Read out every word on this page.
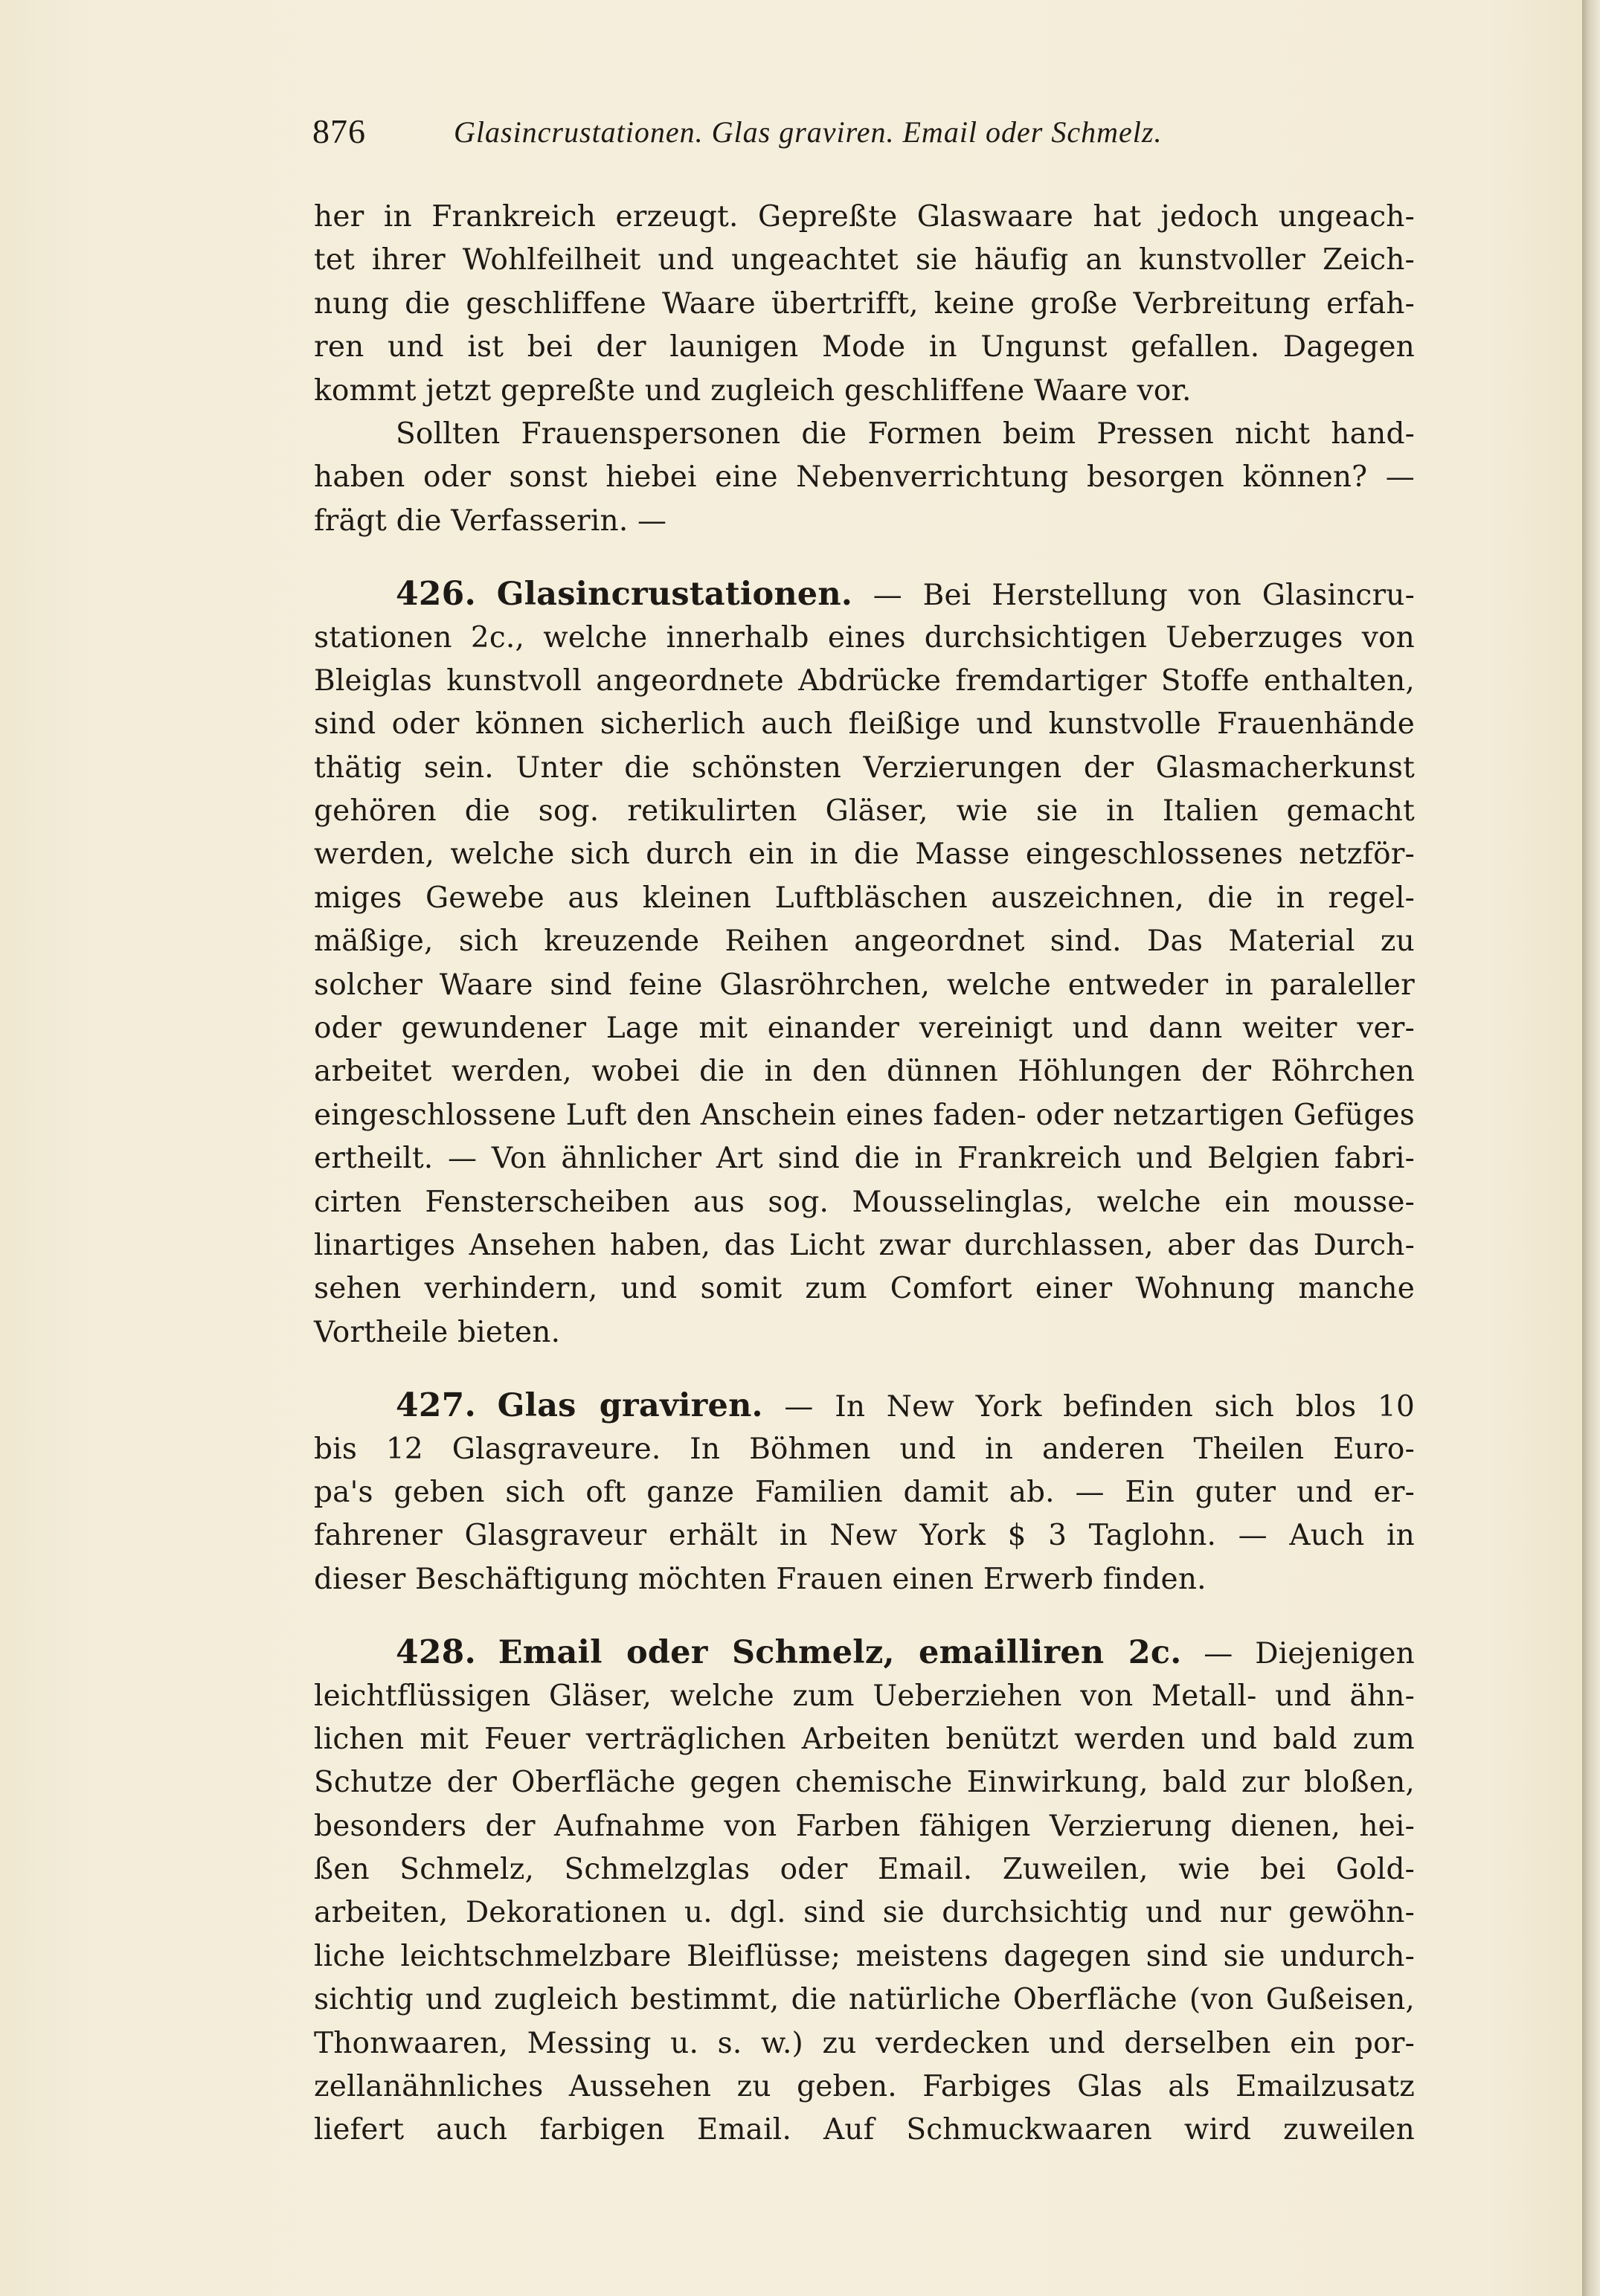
876	Glasincrustationen. Glas graviren. Email oder Schmelz.
her in Frankreich erzeugt. Gepreßte Glaswaare hat jedoch ungeach-
tet ihrer Wohlfeilheit und ungeachtet sie häufig an kunstvoller Zeich-
nung die geschliffene Waare übertrifft, keine große Verbreitung erfah-
ren und ist bei der launigen Mode in Ungunst gefallen. Dagegen
kommt jetzt gepreßte und zugleich geschliffene Waare vor.
Sollten Frauenspersonen die Formen beim Pressen nicht hand-
haben oder sonst hiebei eine Nebenverrichtung besorgen können? —
frägt die Verfasserin. —
426. Glasincrustationen. — Bei Herstellung von Glasincru-
stationen 2c., welche innerhalb eines durchsichtigen Ueberzuges von
Bleiglas kunstvoll angeordnete Abdrücke fremdartiger Stoffe enthalten,
sind oder können sicherlich auch fleißige und kunstvolle Frauenhände
thätig sein. Unter die schönsten Verzierungen der Glasmacherkunst
gehören die sog. retikulirten Gläser, wie sie in Italien gemacht
werden, welche sich durch ein in die Masse eingeschlossenes netzför-
miges Gewebe aus kleinen Luftbläschen auszeichnen, die in regel-
mäßige, sich kreuzende Reihen angeordnet sind. Das Material zu
solcher Waare sind feine Glasröhrchen, welche entweder in paraleller
oder gewundener Lage mit einander vereinigt und dann weiter ver-
arbeitet werden, wobei die in den dünnen Höhlungen der Röhrchen
eingeschlossene Luft den Anschein eines faden- oder netzartigen Gefüges
ertheilt. — Von ähnlicher Art sind die in Frankreich und Belgien fabri-
cirten Fensterscheiben aus sog. Mousselinglas, welche ein mousse-
linartiges Ansehen haben, das Licht zwar durchlassen, aber das Durch-
sehen verhindern, und somit zum Comfort einer Wohnung manche
Vortheile bieten.
427. Glas graviren. — In New York befinden sich blos 10
bis 12 Glasgraveure. In Böhmen und in anderen Theilen Euro-
pa's geben sich oft ganze Familien damit ab. — Ein guter und er-
fahrener Glasgraveur erhält in New York $ 3 Taglohn. — Auch in
dieser Beschäftigung möchten Frauen einen Erwerb finden.
428. Email oder Schmelz, emailliren 2c. — Diejenigen
leichtflüssigen Gläser, welche zum Ueberziehen von Metall- und ähn-
lichen mit Feuer verträglichen Arbeiten benützt werden und bald zum
Schutze der Oberfläche gegen chemische Einwirkung, bald zur bloßen,
besonders der Aufnahme von Farben fähigen Verzierung dienen, hei-
ßen Schmelz, Schmelzglas oder Email. Zuweilen, wie bei Gold-
arbeiten, Dekorationen u. dgl. sind sie durchsichtig und nur gewöhn-
liche leichtschmelzbare Bleiflüsse; meistens dagegen sind sie undurch-
sichtig und zugleich bestimmt, die natürliche Oberfläche (von Gußeisen,
Thonwaaren, Messing u. s. w.) zu verdecken und derselben ein por-
zellanähnliches Aussehen zu geben. Farbiges Glas als Emailzusatz
liefert auch farbigen Email. Auf Schmuckwaaren wird zuweilen
